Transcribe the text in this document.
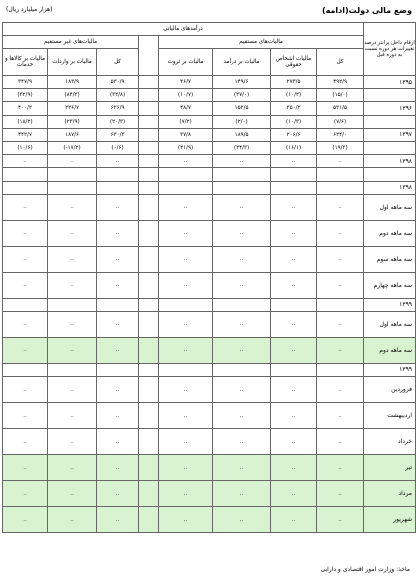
وضع مالی دولت(ادامه)
(هزار میلیارد ریال)
ارقام داخل پرانتز درصد تغییرات هر دوره نسبت به دوره قبل	درآمدهای مالیاتی							
	مالیات‌های مستقیم					مالیات‌های غیر مستقیم		
	کل	مالیات اشخاص حقوقی	مالیات بر درآمد	مالیات بر ثروت		کل	مالیات بر واردات	مالیات بر کالاها و خدمات
۱۳۹۵	۴۹۲/۹	۲۷۳/۵	۱۴۹/۶	۴۶/۷		۵۳۰/۹	۱۸۳/۹	۳۴۷/۹
	(۱۵/۰)	(۱۰/۲)	(۲۷/۰)	(۱۰/۷)		(۳۲/۸)	(۸۴/۳)	(۳۲/۹)
۱۳۹۶	۵۳۱/۵	۳۵۰/۳	۱۵۲/۵	۴۸/۷		۶۲۶/۹	۲۲۶/۷	۴۰۰/۲
	(۷/۶)	(۱۰/۳)	(۲/۰)	(۷/۲)		(۲۰/۳)	(۲۳/۹)	(۱۸/۲)
۱۳۹۷	۶۲۴/۰	۲۰۶/۶	۱۸۹/۵	۳۷/۸		۶۳۰/۳	۱۸۷/۶	۴۴۲/۷
	(۱۹/۳)	(۱۶/۱)	(۲۴/۳)	(۲۱/۹)		(۰/۶)	(۱۷/۲-)	(۱۰/۶)
۱۳۹۸	..	..	..	..		..	..	..

۱۳۹۸								
سه ماهه اول	..	..	..	..		..	..	..
سه ماهه دوم	..	..	..	..		..	..	..
سه ماهه سوم	..	..	..	..		..	..	..
سه ماهه چهارم	..	..	..	..		..	..	..
۱۳۹۹								
سه ماهه اول	..	..	..	..		..	..	..
سه ماهه دوم	..	..	..	..		..	..	..
۱۳۹۹								
فروردین	..	..	..	..		..	..	..
اردیبهشت	..	..	..	..		..	..	..
خرداد	..	..	..	..		..	..	..
تیر	..	..	..	..		..	..	..
مرداد	..	..	..	..		..	..	..
شهریور	..	..	..	..		..	..	..
ماخذ: وزارت امور اقتصادی و دارایی
